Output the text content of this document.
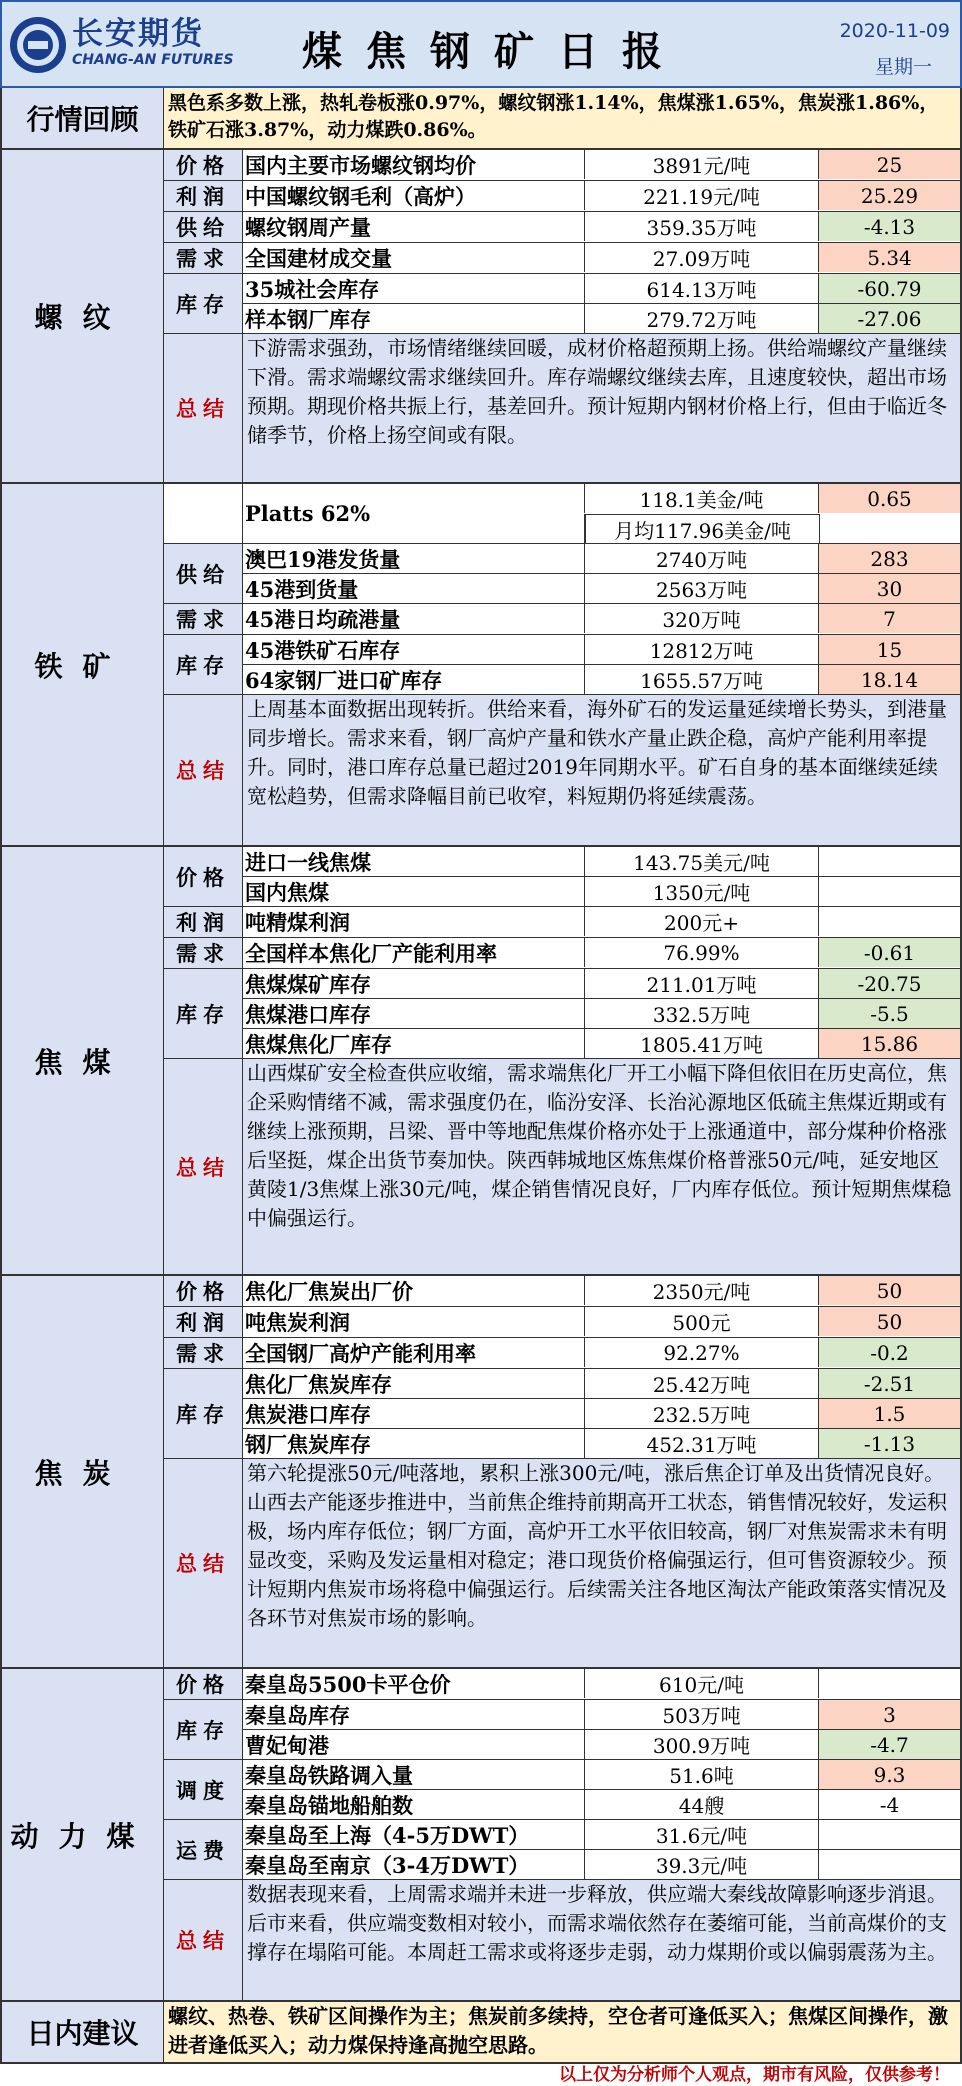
长安期货
CHANG-AN FUTURES 煤焦钢矿日报	2020-11-09
星期一
行情回顾	黑色系多数上涨，热轧卷板涨0.97%，螺纹钢涨1.14%，焦煤涨1.65%，焦炭涨1.86%，铁矿石涨3.87%，动力煤跌0.86%。
螺纹
价格 国内主要市场螺纹钢均价	3891元/吨	25
利润 中国螺纹钢毛利（高炉）	221.19元/吨	25.29
供给 螺纹钢周产量	359.35万吨	-4.13
需求 全国建材成交量	27.09万吨	5.34
库存
35城社会库存	614.13万吨	-60.79
样本钢厂库存	279.72万吨	-27.06
总结
下游需求强劲，市场情绪继续回暖，成材价格超预期上扬。供给端螺纹产量继续下滑。需求端螺纹需求继续回升。库存端螺纹继续去库，且速度较快，超出市场预期。期现价格共振上行，基差回升。预计短期内钢材价格上行，但由于临近冬储季节，价格上扬空间或有限。
铁矿
Platts 62%
118.1美金/吨	0.65
月均117.96美金/吨
供给
澳巴19港发货量	2740万吨	283
45港到货量	2563万吨	30
需求 45港日均疏港量	320万吨	7
库存
45港铁矿石库存	12812万吨	15
64家钢厂进口矿库存	1655.57万吨	18.14
总结
上周基本面数据出现转折。供给来看，海外矿石的发运量延续增长势头，到港量同步增长。需求来看，钢厂高炉产量和铁水产量止跌企稳，高炉产能利用率提升。同时，港口库存总量已超过2019年同期水平。矿石自身的基本面继续延续宽松趋势，但需求降幅目前已收窄，料短期仍将延续震荡。
焦煤
价格
进口一线焦煤	143.75美元/吨
国内焦煤	1350元/吨
利润 吨精煤利润	200元+
需求 全国样本焦化厂产能利用率	76.99%	-0.61
库存
焦煤煤矿库存	211.01万吨	-20.75
焦煤港口库存	332.5万吨	-5.5
焦煤焦化厂库存	1805.41万吨	15.86
总结
山西煤矿安全检查供应收缩，需求端焦化厂开工小幅下降但依旧在历史高位，焦企采购情绪不减，需求强度仍在，临汾安泽、长治沁源地区低硫主焦煤近期或有继续上涨预期，吕梁、晋中等地配焦煤价格亦处于上涨通道中，部分煤种价格涨后坚挺，煤企出货节奏加快。陕西韩城地区炼焦煤价格普涨50元/吨，延安地区黄陵1/3焦煤上涨30元/吨，煤企销售情况良好，厂内库存低位。预计短期焦煤稳中偏强运行。
焦炭
价格 焦化厂焦炭出厂价	2350元/吨	50
利润 吨焦炭利润	500元	50
需求 全国钢厂高炉产能利用率	92.27%	-0.2
库存
焦化厂焦炭库存	25.42万吨	-2.51
焦炭港口库存	232.5万吨	1.5
钢厂焦炭库存	452.31万吨	-1.13
总结
第六轮提涨50元/吨落地，累积上涨300元/吨，涨后焦企订单及出货情况良好。山西去产能逐步推进中，当前焦企维持前期高开工状态，销售情况较好，发运积极，场内库存低位；钢厂方面，高炉开工水平依旧较高，钢厂对焦炭需求未有明显改变，采购及发运量相对稳定；港口现货价格偏强运行，但可售资源较少。预计短期内焦炭市场将稳中偏强运行。后续需关注各地区淘汰产能政策落实情况及各环节对焦炭市场的影响。
动力煤
价格 秦皇岛5500卡平仓价	610元/吨
库存
秦皇岛库存	503万吨	3
曹妃甸港	300.9万吨	-4.7
调度
秦皇岛铁路调入量	51.6吨	9.3
秦皇岛锚地船舶数	44艘	-4
运费
秦皇岛至上海（4-5万DWT）	31.6元/吨
秦皇岛至南京（3-4万DWT）	39.3元/吨
总结
数据表现来看，上周需求端并未进一步释放，供应端大秦线故障影响逐步消退。后市来看，供应端变数相对较小，而需求端依然存在萎缩可能，当前高煤价的支撑存在塌陷可能。本周赶工需求或将逐步走弱，动力煤期价或以偏弱震荡为主。
日内建议
螺纹、热卷、铁矿区间操作为主；焦炭前多续持，空仓者可逢低买入；焦煤区间操作，激进者逢低买入；动力煤保持逢高抛空思路。
以上仅为分析师个人观点，期市有风险，仅供参考！
